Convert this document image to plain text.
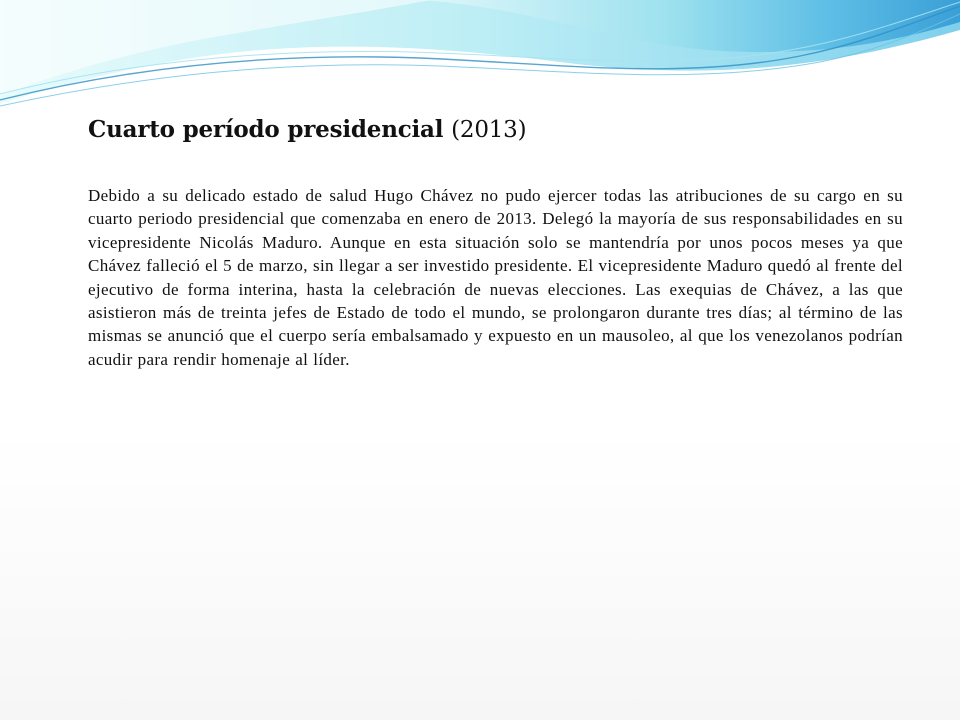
Cuarto período presidencial (2013)

Debido a su delicado estado de salud Hugo Chávez no pudo ejercer todas las atribuciones de su cargo en su cuarto periodo presidencial que comenzaba en enero de 2013. Delegó la mayoría de sus responsabilidades en su vicepresidente Nicolás Maduro. Aunque en esta situación solo se mantendría por unos pocos meses ya que Chávez falleció el 5 de marzo, sin llegar a ser investido presidente. El vicepresidente Maduro quedó al frente del ejecutivo de forma interina, hasta la celebración de nuevas elecciones. Las exequias de Chávez, a las que asistieron más de treinta jefes de Estado de todo el mundo, se prolongaron durante tres días; al término de las mismas se anunció que el cuerpo sería embalsamado y expuesto en un mausoleo, al que los venezolanos podrían acudir para rendir homenaje al líder.
